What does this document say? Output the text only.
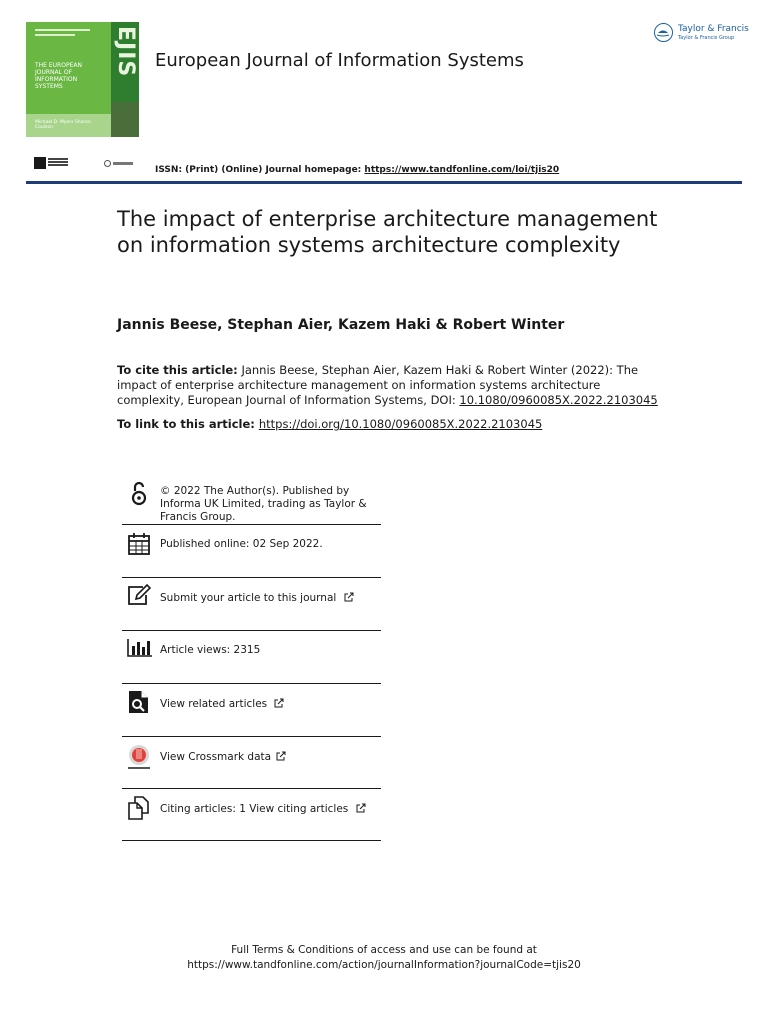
EJIS
THE EUROPEAN JOURNAL OF INFORMATION SYSTEMS
Michael D. Myers Sharon Coulson
European Journal of Information Systems
Taylor & Francis
Taylor & Francis Group
ISSN: (Print) (Online) Journal homepage: https://www.tandfonline.com/loi/tjis20
The impact of enterprise architecture management on information systems architecture complexity
Jannis Beese, Stephan Aier, Kazem Haki & Robert Winter
To cite this article: Jannis Beese, Stephan Aier, Kazem Haki & Robert Winter (2022): The impact of enterprise architecture management on information systems architecture complexity, European Journal of Information Systems, DOI: 10.1080/0960085X.2022.2103045
To link to this article: https://doi.org/10.1080/0960085X.2022.2103045
© 2022 The Author(s). Published by Informa UK Limited, trading as Taylor & Francis Group.
Published online: 02 Sep 2022.
Submit your article to this journal
Article views: 2315
View related articles
View Crossmark data
Citing articles: 1 View citing articles
Full Terms & Conditions of access and use can be found at
https://www.tandfonline.com/action/journalInformation?journalCode=tjis20
